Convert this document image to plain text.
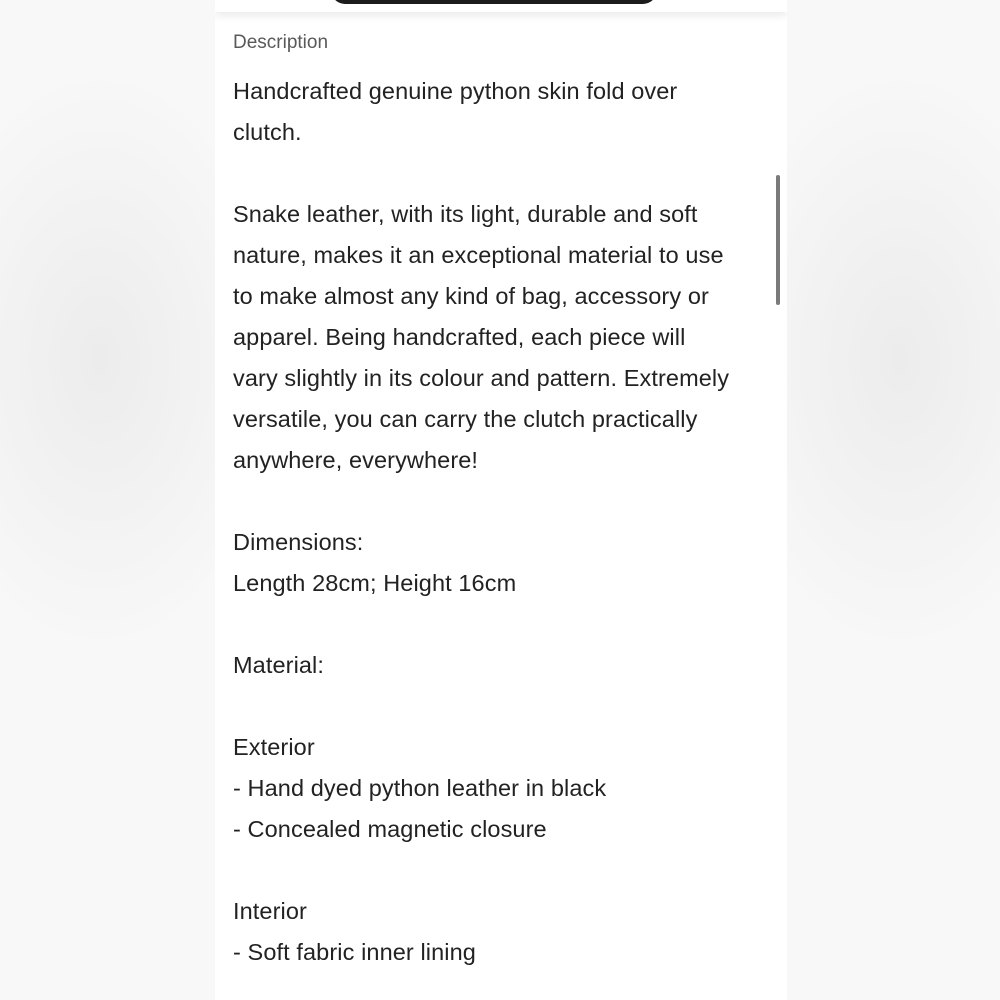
Description
Handcrafted genuine python skin fold over
clutch.
Snake leather, with its light, durable and soft
nature, makes it an exceptional material to use
to make almost any kind of bag, accessory or
apparel. Being handcrafted, each piece will
vary slightly in its colour and pattern. Extremely
versatile, you can carry the clutch practically
anywhere, everywhere!
Dimensions:
Length 28cm; Height 16cm
Material:
Exterior
- Hand dyed python leather in black
- Concealed magnetic closure
Interior
- Soft fabric inner lining
